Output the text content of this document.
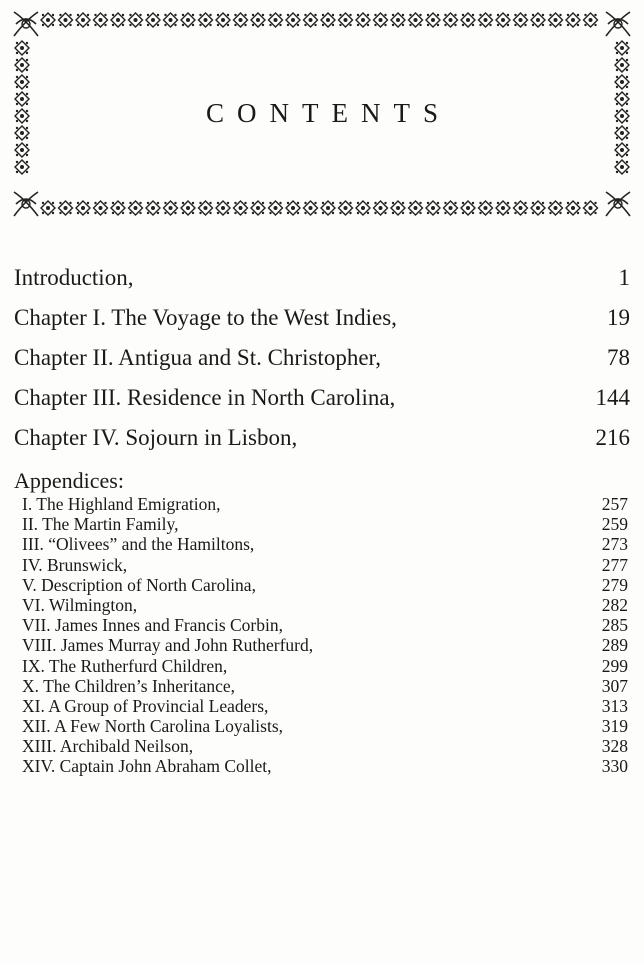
CONTENTS
Introduction,	1
Chapter I. The Voyage to the West Indies,	19
Chapter II. Antigua and St. Christopher,	78
Chapter III. Residence in North Carolina,	144
Chapter IV. Sojourn in Lisbon,	216
Appendices:
I. The Highland Emigration,	257
II. The Martin Family,	259
III. “Olivees” and the Hamiltons,	273
IV. Brunswick,	277
V. Description of North Carolina,	279
VI. Wilmington,	282
VII. James Innes and Francis Corbin,	285
VIII. James Murray and John Rutherfurd,	289
IX. The Rutherfurd Children,	299
X. The Children’s Inheritance,	307
XI. A Group of Provincial Leaders,	313
XII. A Few North Carolina Loyalists,	319
XIII. Archibald Neilson,	328
XIV. Captain John Abraham Collet,	330
